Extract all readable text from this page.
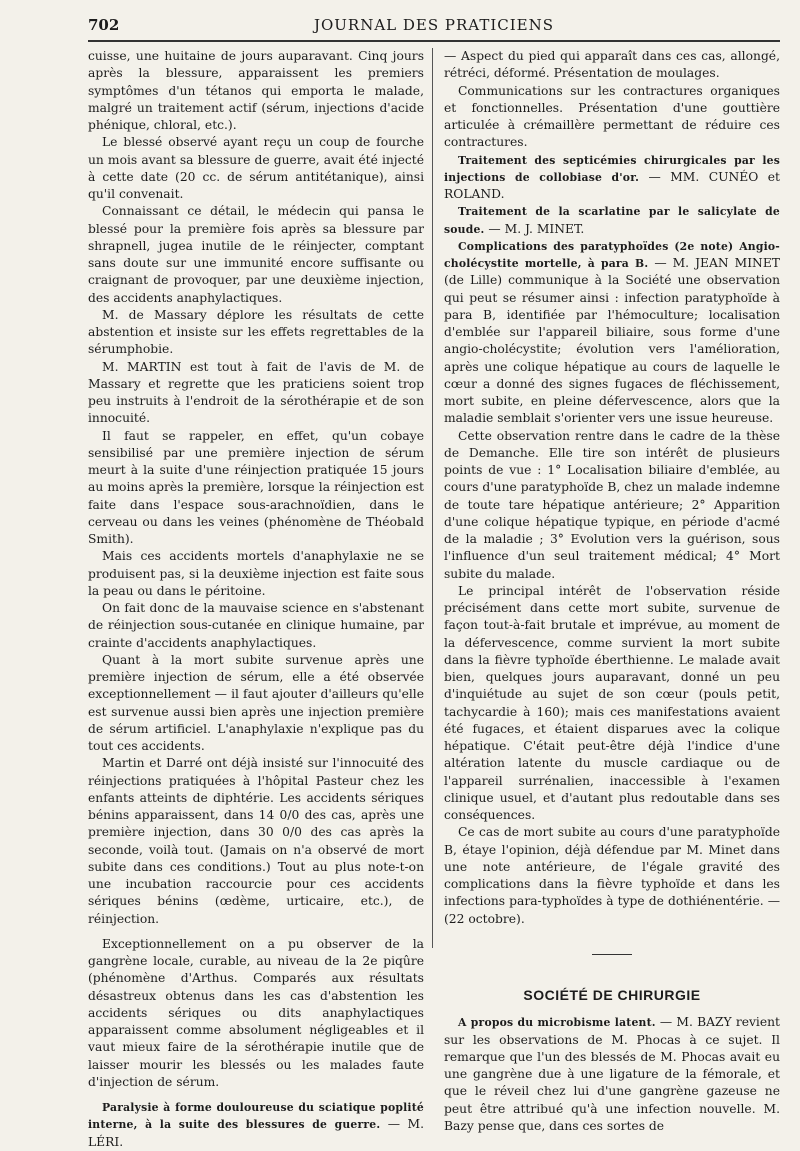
702	JOURNAL DES PRATICIENS

cuisse, une huitaine de jours auparavant. Cinq jours après la blessure, apparaissent les premiers symptômes d'un tétanos qui emporta le malade, malgré un traitement actif (sérum, injections d'acide phénique, chloral, etc.).

Le blessé observé ayant reçu un coup de fourche un mois avant sa blessure de guerre, avait été injecté à cette date (20 cc. de sérum antitétanique), ainsi qu'il convenait.

Connaissant ce détail, le médecin qui pansa le blessé pour la première fois après sa blessure par shrapnell, jugea inutile de le réinjecter, comptant sans doute sur une immunité encore suffisante ou craignant de provoquer, par une deuxième injection, des accidents anaphylactiques.

M. de Massary déplore les résultats de cette abstention et insiste sur les effets regrettables de la sérumphobie.

M. MARTIN est tout à fait de l'avis de M. de Massary et regrette que les praticiens soient trop peu instruits à l'endroit de la sérothérapie et de son innocuité.

Il faut se rappeler, en effet, qu'un cobaye sensibilisé par une première injection de sérum meurt à la suite d'une réinjection pratiquée 15 jours au moins après la première, lorsque la réinjection est faite dans l'espace sous-arachnoïdien, dans le cerveau ou dans les veines (phénomène de Théobald Smith).

Mais ces accidents mortels d'anaphylaxie ne se produisent pas, si la deuxième injection est faite sous la peau ou dans le péritoine.

On fait donc de la mauvaise science en s'abstenant de réinjection sous-cutanée en clinique humaine, par crainte d'accidents anaphylactiques.

Quant à la mort subite survenue après une première injection de sérum, elle a été observée exceptionnellement — il faut ajouter d'ailleurs qu'elle est survenue aussi bien après une injection première de sérum artificiel. L'anaphylaxie n'explique pas du tout ces accidents.

Martin et Darré ont déjà insisté sur l'innocuité des réinjections pratiquées à l'hôpital Pasteur chez les enfants atteints de diphtérie. Les accidents sériques bénins apparaissent, dans 14 0/0 des cas, après une première injection, dans 30 0/0 des cas après la seconde, voilà tout. (Jamais on n'a observé de mort subite dans ces conditions.) Tout au plus note-t-on une incubation raccourcie pour ces accidents sériques bénins (œdème, urticaire, etc.), de réinjection.

Exceptionnellement on a pu observer de la gangrène locale, curable, au niveau de la 2e piqûre (phénomène d'Arthus. Comparés aux résultats désastreux obtenus dans les cas d'abstention les accidents sériques ou dits anaphylactiques apparaissent comme absolument négligeables et il vaut mieux faire de la sérothérapie inutile que de laisser mourir les blessés ou les malades faute d'injection de sérum.

Paralysie à forme douloureuse du sciatique poplité interne, à la suite des blessures de guerre. — M. LÉRI.

— Aspect du pied qui apparaît dans ces cas, allongé, rétréci, déformé. Présentation de moulages.

Communications sur les contractures organiques et fonctionnelles. Présentation d'une gouttière articulée à crémaillère permettant de réduire ces contractures.

Traitement des septicémies chirurgicales par les injections de collobiase d'or. — MM. CUNÉO et ROLAND.

Traitement de la scarlatine par le salicylate de soude. — M. J. MINET.

Complications des paratyphoïdes (2e note) Angio-cholécystite mortelle, à para B. — M. JEAN MINET (de Lille) communique à la Société une observation qui peut se résumer ainsi : infection paratyphoïde à para B, identifiée par l'hémoculture; localisation d'emblée sur l'appareil biliaire, sous forme d'une angio-cholécystite; évolution vers l'amélioration, après une colique hépatique au cours de laquelle le cœur a donné des signes fugaces de fléchissement, mort subite, en pleine défervescence, alors que la maladie semblait s'orienter vers une issue heureuse.

Cette observation rentre dans le cadre de la thèse de Demanche. Elle tire son intérêt de plusieurs points de vue : 1° Localisation biliaire d'emblée, au cours d'une paratyphoïde B, chez un malade indemne de toute tare hépatique antérieure; 2° Apparition d'une colique hépatique typique, en période d'acmé de la maladie ; 3° Evolution vers la guérison, sous l'influence d'un seul traitement médical; 4° Mort subite du malade.

Le principal intérêt de l'observation réside précisément dans cette mort subite, survenue de façon tout-à-fait brutale et imprévue, au moment de la défervescence, comme survient la mort subite dans la fièvre typhoïde éberthienne. Le malade avait bien, quelques jours auparavant, donné un peu d'inquiétude au sujet de son cœur (pouls petit, tachycardie à 160); mais ces manifestations avaient été fugaces, et étaient disparues avec la colique hépatique. C'était peut-être déjà l'indice d'une altération latente du muscle cardiaque ou de l'appareil surrénalien, inaccessible à l'examen clinique usuel, et d'autant plus redoutable dans ses conséquences.

Ce cas de mort subite au cours d'une paratyphoïde B, étaye l'opinion, déjà défendue par M. Minet dans une note antérieure, de l'égale gravité des complications dans la fièvre typhoïde et dans les infections para-typhoïdes à type de dothiénentérie. — (22 octobre).

SOCIÉTÉ DE CHIRURGIE

A propos du microbisme latent. — M. BAZY revient sur les observations de M. Phocas à ce sujet. Il remarque que l'un des blessés de M. Phocas avait eu une gangrène due à une ligature de la fémorale, et que le réveil chez lui d'une gangrène gazeuse ne peut être attribué qu'à une infection nouvelle. M. Bazy pense que, dans ces sortes de
